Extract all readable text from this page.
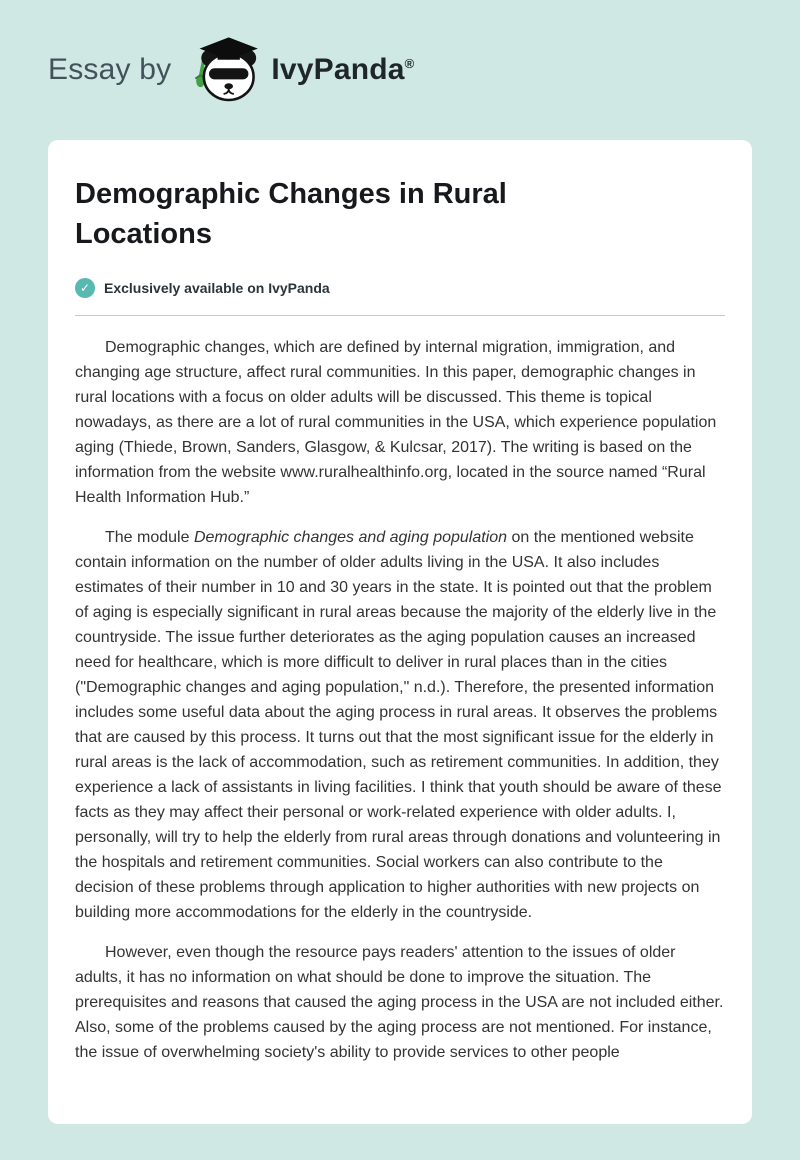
Essay by	IvyPanda®
Demographic Changes in Rural Locations
✓ Exclusively available on IvyPanda

Demographic changes, which are defined by internal migration, immigration, and changing age structure, affect rural communities. In this paper, demographic changes in rural locations with a focus on older adults will be discussed. This theme is topical nowadays, as there are a lot of rural communities in the USA, which experience population aging (Thiede, Brown, Sanders, Glasgow, & Kulcsar, 2017). The writing is based on the information from the website www.ruralhealthinfo.org, located in the source named “Rural Health Information Hub.”

The module Demographic changes and aging population on the mentioned website contain information on the number of older adults living in the USA. It also includes estimates of their number in 10 and 30 years in the state. It is pointed out that the problem of aging is especially significant in rural areas because the majority of the elderly live in the countryside. The issue further deteriorates as the aging population causes an increased need for healthcare, which is more difficult to deliver in rural places than in the cities ("Demographic changes and aging population," n.d.). Therefore, the presented information includes some useful data about the aging process in rural areas. It observes the problems that are caused by this process. It turns out that the most significant issue for the elderly in rural areas is the lack of accommodation, such as retirement communities. In addition, they experience a lack of assistants in living facilities. I think that youth should be aware of these facts as they may affect their personal or work-related experience with older adults. I, personally, will try to help the elderly from rural areas through donations and volunteering in the hospitals and retirement communities. Social workers can also contribute to the decision of these problems through application to higher authorities with new projects on building more accommodations for the elderly in the countryside.

However, even though the resource pays readers' attention to the issues of older adults, it has no information on what should be done to improve the situation. The prerequisites and reasons that caused the aging process in the USA are not included either. Also, some of the problems caused by the aging process are not mentioned. For instance, the issue of overwhelming society's ability to provide services to other people
